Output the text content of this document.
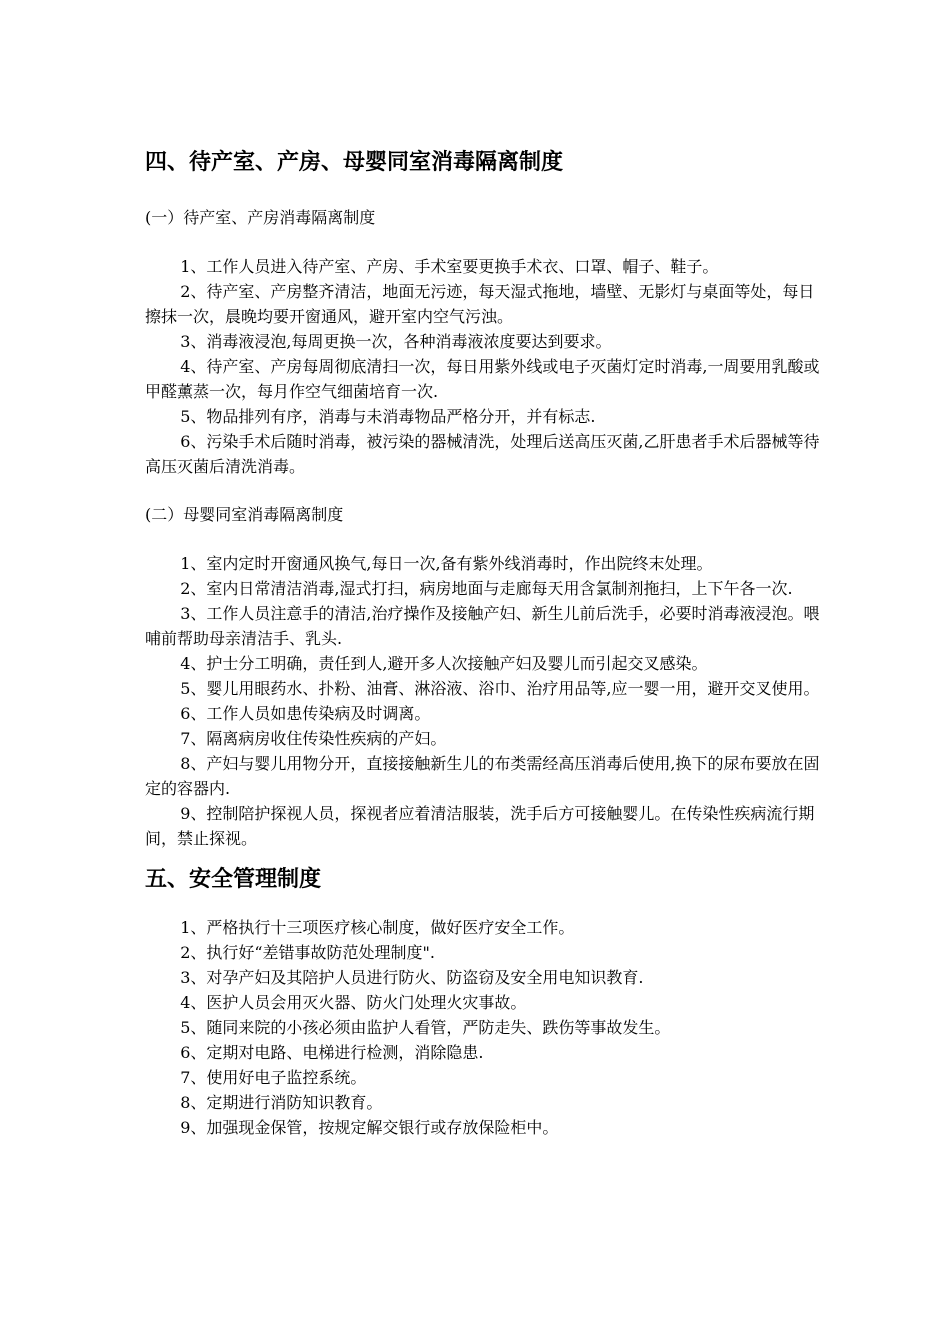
四、待产室、产房、母婴同室消毒隔离制度

(一）待产室、产房消毒隔离制度

1、工作人员进入待产室、产房、手术室要更换手术衣、口罩、帽子、鞋子。
2、待产室、产房整齐清洁，地面无污迹，每天湿式拖地，墙壁、无影灯与桌面等处，每日擦抹一次，晨晚均要开窗通风，避开室内空气污浊。
3、消毒液浸泡,每周更换一次，各种消毒液浓度要达到要求。
4、待产室、产房每周彻底清扫一次，每日用紫外线或电子灭菌灯定时消毒,一周要用乳酸或甲醛薰蒸一次，每月作空气细菌培育一次.
5、物品排列有序，消毒与未消毒物品严格分开，并有标志.
6、污染手术后随时消毒，被污染的器械清洗，处理后送高压灭菌,乙肝患者手术后器械等待高压灭菌后清洗消毒。

(二）母婴同室消毒隔离制度

1、室内定时开窗通风换气,每日一次,备有紫外线消毒时，作出院终末处理。
2、室内日常清洁消毒,湿式打扫，病房地面与走廊每天用含氯制剂拖扫，上下午各一次.
3、工作人员注意手的清洁,治疗操作及接触产妇、新生儿前后洗手，必要时消毒液浸泡。喂哺前帮助母亲清洁手、乳头.
4、护士分工明确，责任到人,避开多人次接触产妇及婴儿而引起交叉感染。
5、婴儿用眼药水、扑粉、油膏、淋浴液、浴巾、治疗用品等,应一婴一用，避开交叉使用。
6、工作人员如患传染病及时调离。
7、隔离病房收住传染性疾病的产妇。
8、产妇与婴儿用物分开，直接接触新生儿的布类需经高压消毒后使用,换下的尿布要放在固定的容器内.
9、控制陪护探视人员，探视者应着清洁服装，洗手后方可接触婴儿。在传染性疾病流行期间，禁止探视。
五、安全管理制度
1、严格执行十三项医疗核心制度，做好医疗安全工作。
2、执行好“差错事故防范处理制度".
3、对孕产妇及其陪护人员进行防火、防盗窃及安全用电知识教育.
4、医护人员会用灭火器、防火门处理火灾事故。
5、随同来院的小孩必须由监护人看管，严防走失、跌伤等事故发生。
6、定期对电路、电梯进行检测，消除隐患.
7、使用好电子监控系统。
8、定期进行消防知识教育。
9、加强现金保管，按规定解交银行或存放保险柜中。
